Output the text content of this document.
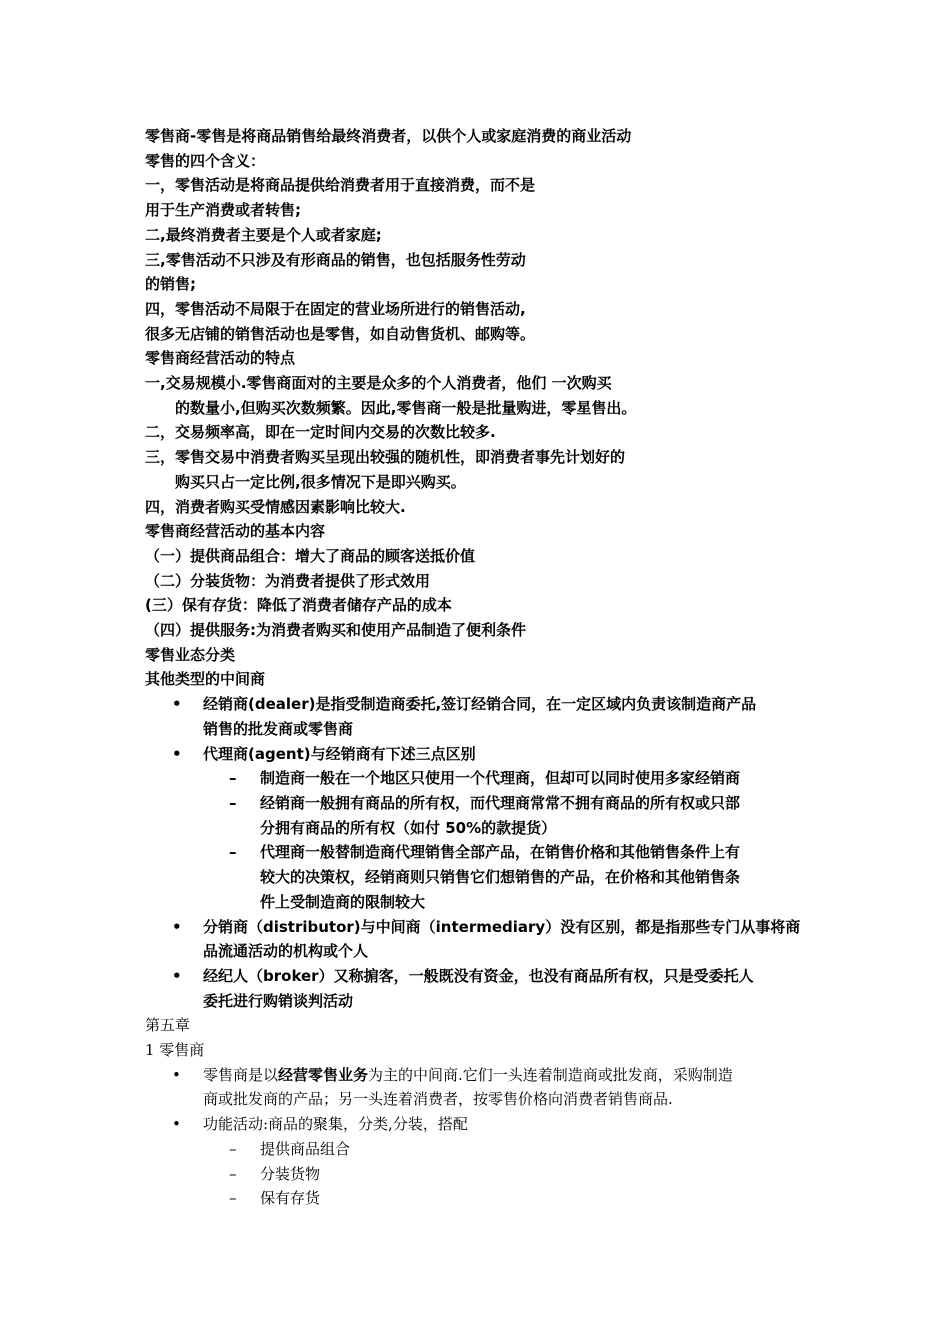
零售商-零售是将商品销售给最终消费者，以供个人或家庭消费的商业活动
零售的四个含义：
一，零售活动是将商品提供给消费者用于直接消费，而不是
用于生产消费或者转售;
二,最终消费者主要是个人或者家庭;
三,零售活动不只涉及有形商品的销售，也包括服务性劳动
的销售;
四，零售活动不局限于在固定的营业场所进行的销售活动,
很多无店铺的销售活动也是零售，如自动售货机、邮购等。
零售商经营活动的特点
一,交易规模小.零售商面对的主要是众多的个人消费者，他们 一次购买
的数量小,但购买次数频繁。因此,零售商一般是批量购进，零星售出。
二，交易频率高，即在一定时间内交易的次数比较多.
三，零售交易中消费者购买呈现出较强的随机性，即消费者事先计划好的
购买只占一定比例,很多情况下是即兴购买。
四，消费者购买受情感因素影响比较大.
零售商经营活动的基本内容
（一）提供商品组合：增大了商品的顾客送抵价值
（二）分装货物：为消费者提供了形式效用
(三）保有存货：降低了消费者储存产品的成本
（四）提供服务:为消费者购买和使用产品制造了便利条件
零售业态分类
其他类型的中间商
• 经销商(dealer)是指受制造商委托,签订经销合同，在一定区域内负责该制造商产品
销售的批发商或零售商
• 代理商(agent)与经销商有下述三点区别
– 制造商一般在一个地区只使用一个代理商，但却可以同时使用多家经销商
– 经销商一般拥有商品的所有权，而代理商常常不拥有商品的所有权或只部
分拥有商品的所有权（如付 50%的款提货）
– 代理商一般替制造商代理销售全部产品，在销售价格和其他销售条件上有
较大的决策权，经销商则只销售它们想销售的产品，在价格和其他销售条
件上受制造商的限制较大
• 分销商（distributor)与中间商（intermediary）没有区别，都是指那些专门从事将商
品流通活动的机构或个人
• 经纪人（broker）又称掮客，一般既没有资金，也没有商品所有权，只是受委托人
委托进行购销谈判活动
第五章
1 零售商
• 零售商是以经营零售业务为主的中间商.它们一头连着制造商或批发商，采购制造
商或批发商的产品；另一头连着消费者，按零售价格向消费者销售商品.
• 功能活动:商品的聚集，分类,分装，搭配
– 提供商品组合
– 分装货物
– 保有存货
